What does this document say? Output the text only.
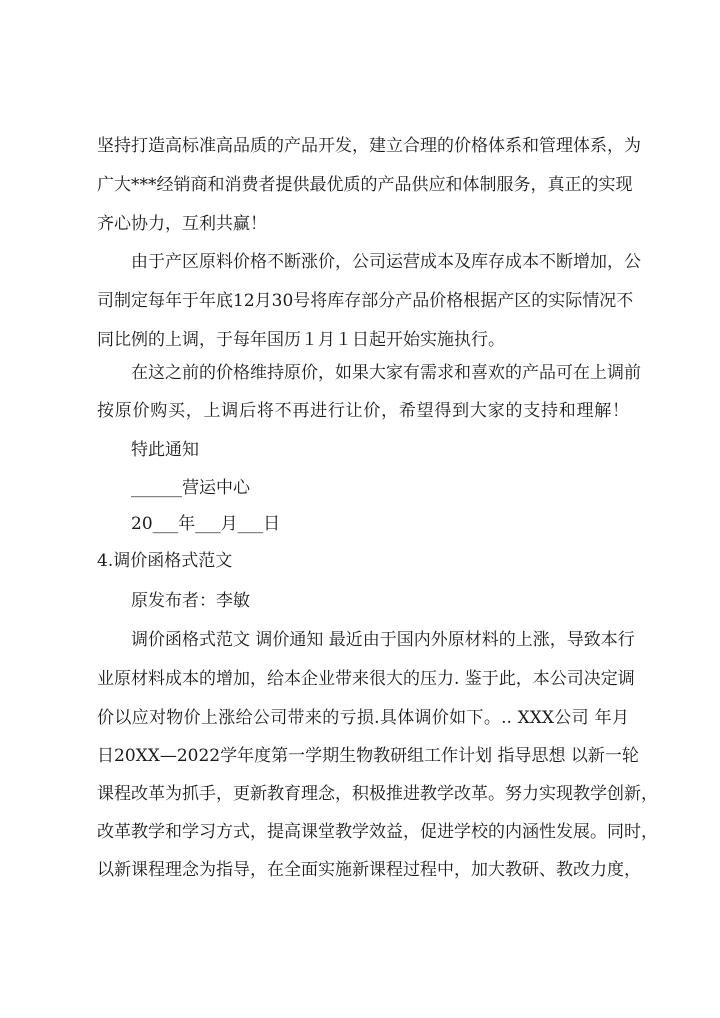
坚持打造高标准高品质的产品开发，建立合理的价格体系和管理体系，为
广大***经销商和消费者提供最优质的产品供应和体制服务，真正的实现
齐心协力，互利共赢！
由于产区原料价格不断涨价，公司运营成本及库存成本不断增加，公
司制定每年于年底12月30号将库存部分产品价格根据产区的实际情况不
同比例的上调，于每年国历１月１日起开始实施执行。
在这之前的价格维持原价，如果大家有需求和喜欢的产品可在上调前
按原价购买，上调后将不再进行让价，希望得到大家的支持和理解！
特此通知
______营运中心
20___年___月___日
4.调价函格式范文
原发布者：李敏
调价函格式范文 调价通知 最近由于国内外原材料的上涨，导致本行
业原材料成本的增加，给本企业带来很大的压力. 鉴于此，本公司决定调
价以应对物价上涨给公司带来的亏损.具体调价如下。.. XXX公司 年月
日20XX—2022学年度第一学期生物教研组工作计划 指导思想 以新一轮
课程改革为抓手，更新教育理念，积极推进教学改革。努力实现教学创新，
改革教学和学习方式，提高课堂教学效益，促进学校的内涵性发展。同时，
以新课程理念为指导，在全面实施新课程过程中，加大教研、教改力度，
